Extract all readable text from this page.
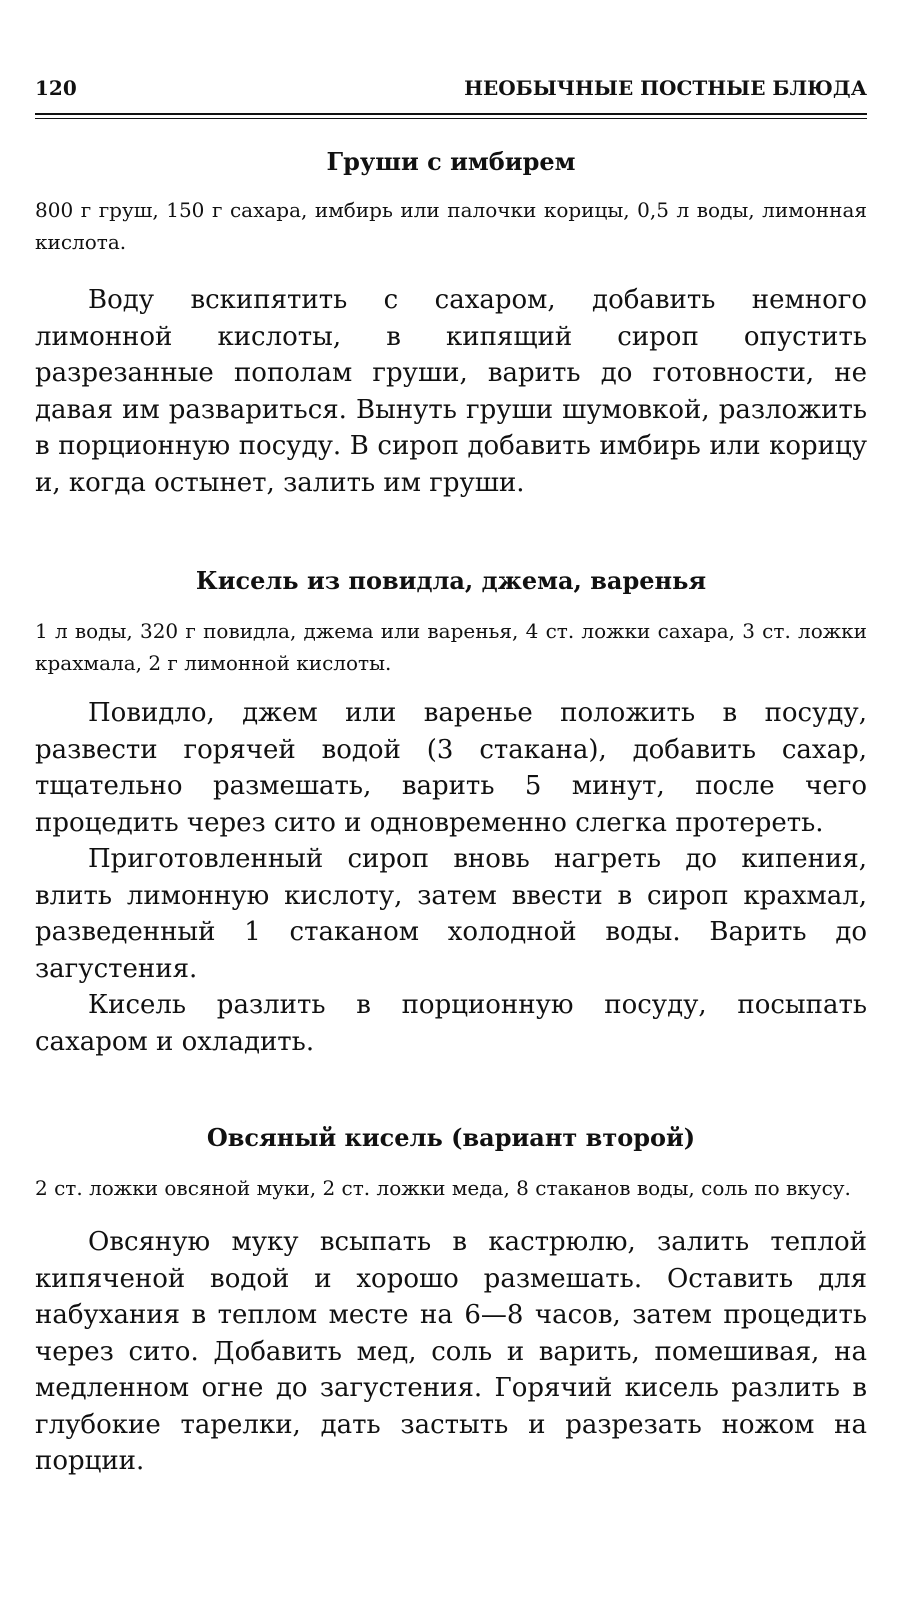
120	НЕОБЫЧНЫЕ ПОСТНЫЕ БЛЮДА
Груши с имбирем

800 г груш, 150 г сахара, имбирь или палочки корицы, 0,5 л воды, лимонная кислота.

Воду вскипятить с сахаром, добавить немного лимонной кислоты, в кипящий сироп опустить разрезанные пополам груши, варить до готовности, не давая им развариться. Вынуть груши шумовкой, разложить в порционную посуду. В сироп добавить имбирь или корицу и, когда остынет, залить им груши.

Кисель из повидла, джема, варенья

1 л воды, 320 г повидла, джема или варенья, 4 ст. ложки сахара, 3 ст. ложки крахмала, 2 г лимонной кислоты.

Повидло, джем или варенье положить в посуду, развести горячей водой (3 стакана), добавить сахар, тщательно размешать, варить 5 минут, после чего процедить через сито и одновременно слегка протереть.

Приготовленный сироп вновь нагреть до кипения, влить лимонную кислоту, затем ввести в сироп крахмал, разведенный 1 стаканом холодной воды. Варить до загустения.

Кисель разлить в порционную посуду, посыпать сахаром и охладить.

Овсяный кисель (вариант второй)

2 ст. ложки овсяной муки, 2 ст. ложки меда, 8 стаканов воды, соль по вкусу.

Овсяную муку всыпать в кастрюлю, залить теплой кипяченой водой и хорошо размешать. Оставить для набухания в теплом месте на 6—8 часов, затем процедить через сито. Добавить мед, соль и варить, помешивая, на медленном огне до загустения. Горячий кисель разлить в глубокие тарелки, дать застыть и разрезать ножом на порции.
